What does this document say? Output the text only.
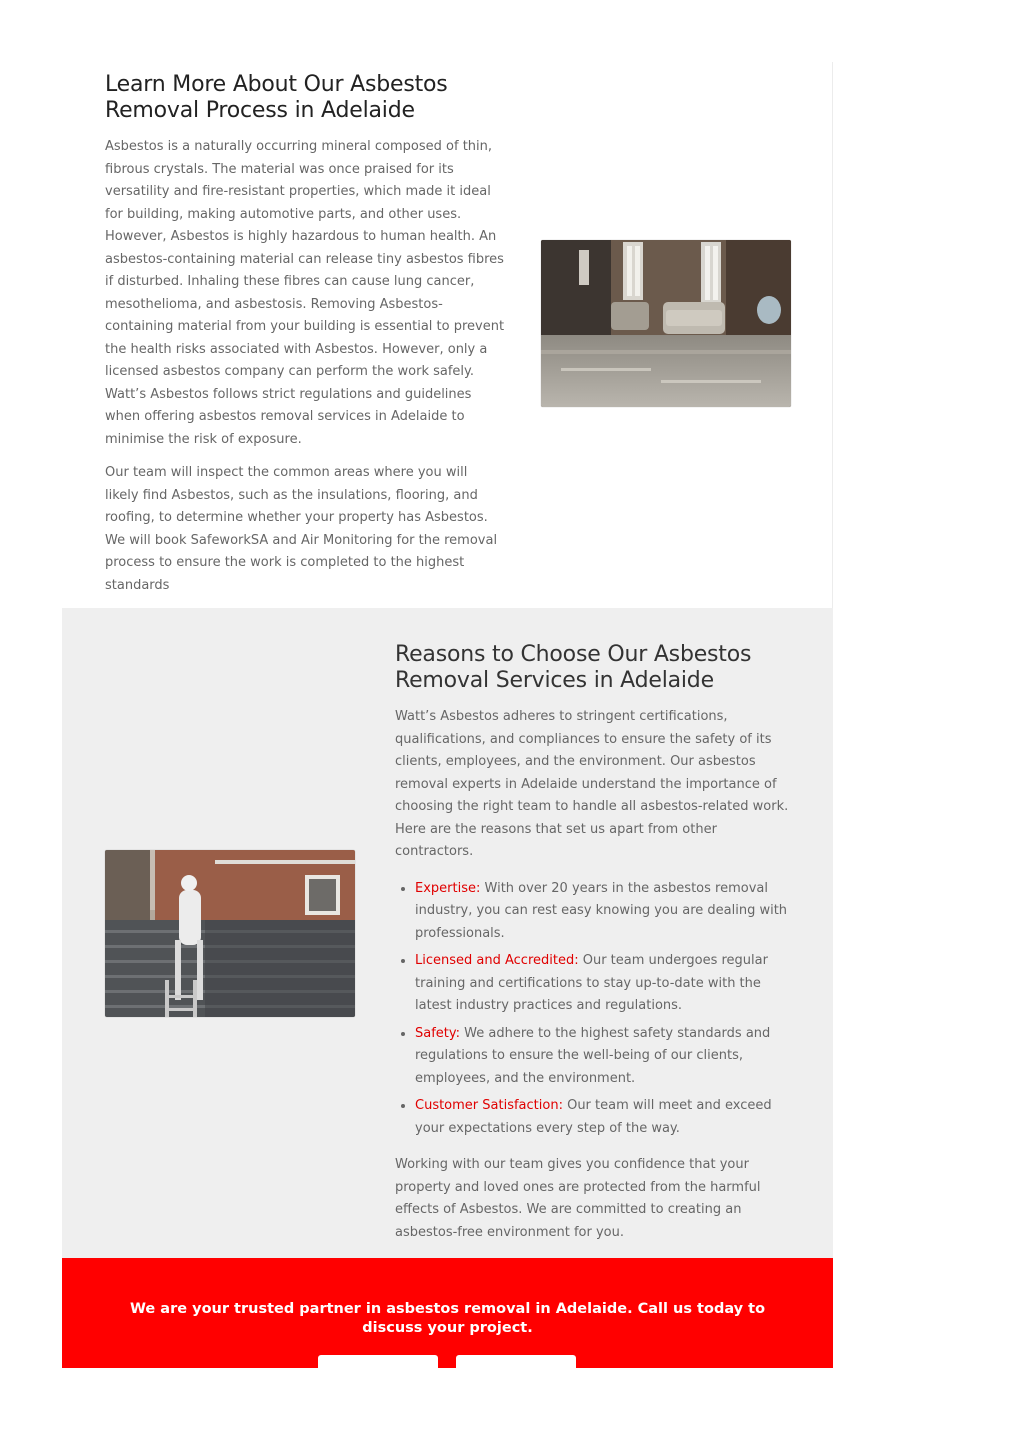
Learn More About Our Asbestos Removal Process in Adelaide

Asbestos is a naturally occurring mineral composed of thin, fibrous crystals. The material was once praised for its versatility and fire-resistant properties, which made it ideal for building, making automotive parts, and other uses. However, Asbestos is highly hazardous to human health. An asbestos-containing material can release tiny asbestos fibres if disturbed. Inhaling these fibres can cause lung cancer, mesothelioma, and asbestosis. Removing Asbestos-containing material from your building is essential to prevent the health risks associated with Asbestos. However, only a licensed asbestos company can perform the work safely. Watt’s Asbestos follows strict regulations and guidelines when offering asbestos removal services in Adelaide to minimise the risk of exposure.

Our team will inspect the common areas where you will likely find Asbestos, such as the insulations, flooring, and roofing, to determine whether your property has Asbestos. We will book SafeworkSA and Air Monitoring for the removal process to ensure the work is completed to the highest standards

Reasons to Choose Our Asbestos Removal Services in Adelaide

Watt’s Asbestos adheres to stringent certifications, qualifications, and compliances to ensure the safety of its clients, employees, and the environment. Our asbestos removal experts in Adelaide understand the importance of choosing the right team to handle all asbestos-related work. Here are the reasons that set us apart from other contractors.

• Expertise: With over 20 years in the asbestos removal industry, you can rest easy knowing you are dealing with professionals.
• Licensed and Accredited: Our team undergoes regular training and certifications to stay up-to-date with the latest industry practices and regulations.
• Safety: We adhere to the highest safety standards and regulations to ensure the well-being of our clients, employees, and the environment.
• Customer Satisfaction: Our team will meet and exceed your expectations every step of the way.

Working with our team gives you confidence that your property and loved ones are protected from the harmful effects of Asbestos. We are committed to creating an asbestos-free environment for you.

We are your trusted partner in asbestos removal in Adelaide. Call us today to discuss your project.
